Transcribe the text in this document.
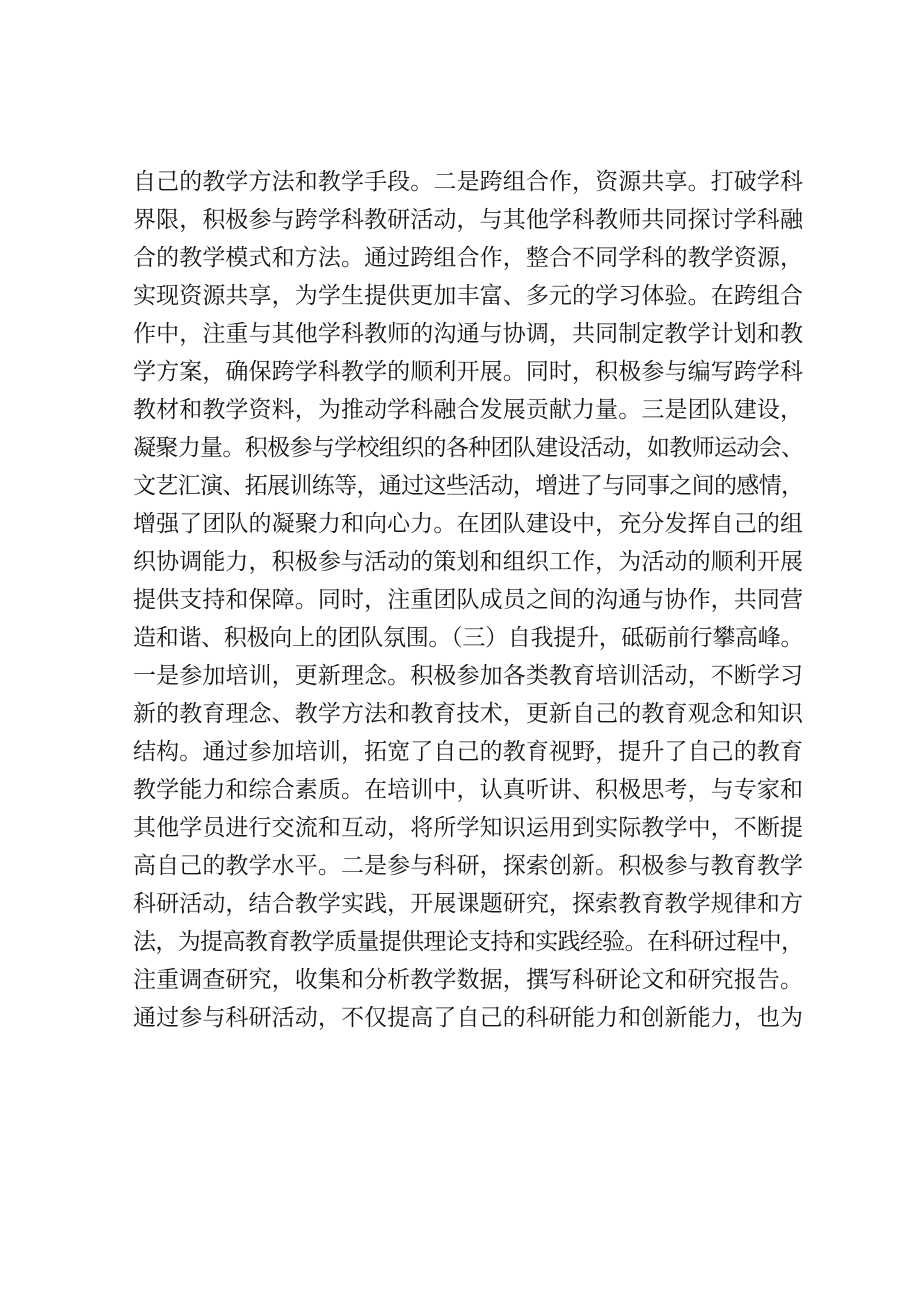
自己的教学方法和教学手段。二是跨组合作，资源共享。打破学科
界限，积极参与跨学科教研活动，与其他学科教师共同探讨学科融
合的教学模式和方法。通过跨组合作，整合不同学科的教学资源，
实现资源共享，为学生提供更加丰富、多元的学习体验。在跨组合
作中，注重与其他学科教师的沟通与协调，共同制定教学计划和教
学方案，确保跨学科教学的顺利开展。同时，积极参与编写跨学科
教材和教学资料，为推动学科融合发展贡献力量。三是团队建设，
凝聚力量。积极参与学校组织的各种团队建设活动，如教师运动会、
文艺汇演、拓展训练等，通过这些活动，增进了与同事之间的感情，
增强了团队的凝聚力和向心力。在团队建设中，充分发挥自己的组
织协调能力，积极参与活动的策划和组织工作，为活动的顺利开展
提供支持和保障。同时，注重团队成员之间的沟通与协作，共同营
造和谐、积极向上的团队氛围。（三）自我提升，砥砺前行攀高峰。
一是参加培训，更新理念。积极参加各类教育培训活动，不断学习
新的教育理念、教学方法和教育技术，更新自己的教育观念和知识
结构。通过参加培训，拓宽了自己的教育视野，提升了自己的教育
教学能力和综合素质。在培训中，认真听讲、积极思考，与专家和
其他学员进行交流和互动，将所学知识运用到实际教学中，不断提
高自己的教学水平。二是参与科研，探索创新。积极参与教育教学
科研活动，结合教学实践，开展课题研究，探索教育教学规律和方
法，为提高教育教学质量提供理论支持和实践经验。在科研过程中，
注重调查研究，收集和分析教学数据，撰写科研论文和研究报告。
通过参与科研活动，不仅提高了自己的科研能力和创新能力，也为
